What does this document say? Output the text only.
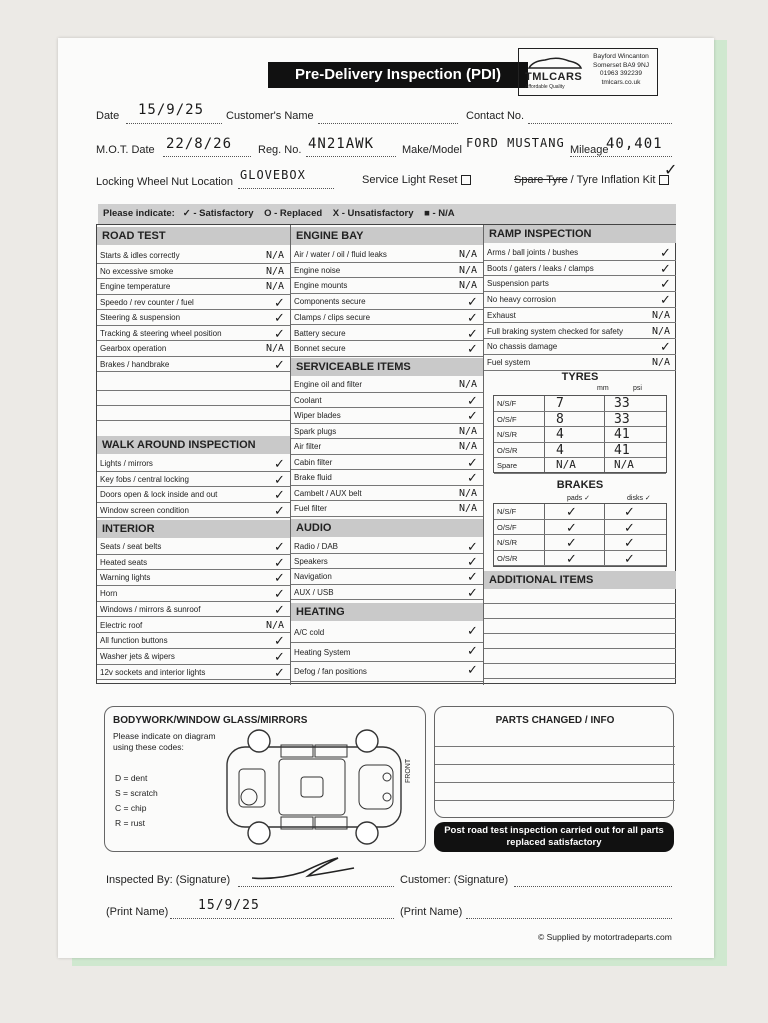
Pre-Delivery Inspection (PDI)	TMLCARS
Affordable Quality
Bayford Wincanton
Somerset BA9 9NJ
01963 392239
tmlcars.co.uk
Date 15/9/25 Customer's Name	Contact No.
M.O.T. Date 22/8/26 Reg. No. 4N21AWK	Make/Model FORD MUSTANG Mileage
40,401
Locking Wheel Nut Location GLOVEBOX	Service Light Reset	Spare Tyre / Tyre Inflation Kit
✓
Please indicate: ✓ - Satisfactory O - Replaced X - Unsatisfactory ■ - N/A
ROAD TEST
Starts & idles correctly	N/A
No excessive smoke	N/A
Engine temperature	N/A
Speedo / rev counter / fuel	✓
Steering & suspension	✓
Tracking & steering wheel position	✓
Gearbox operation	N/A
Brakes / handbrake	✓
WALK AROUND INSPECTION
Lights / mirrors	✓
Key fobs / central locking	✓
Doors open & lock inside and out	✓
Window screen condition	✓
INTERIOR
Seats / seat belts	✓
Heated seats	✓
Warning lights	✓
Horn	✓
Windows / mirrors & sunroof	✓
Electric roof	N/A
All function buttons	✓
Washer jets & wipers	✓
12v sockets and interior lights	✓
ENGINE BAY
Air / water / oil / fluid leaks	N/A
Engine noise	N/A
Engine mounts	N/A
Components secure	✓
Clamps / clips secure	✓
Battery secure	✓
Bonnet secure	✓
SERVICEABLE ITEMS
Engine oil and filter	N/A
Coolant	✓
Wiper blades	✓
Spark plugs	N/A
Air filter	N/A
Cabin filter	✓
Brake fluid	✓
Cambelt / AUX belt	N/A
Fuel filter	N/A
AUDIO
Radio / DAB	✓
Speakers	✓
Navigation	✓
AUX / USB	✓
HEATING
A/C cold	✓
Heating System	✓
Defog / fan positions	✓
RAMP INSPECTION
Arms / ball joints / bushes	✓
Boots / gaters / leaks / clamps	✓
Suspension parts	✓
No heavy corrosion	✓
Exhaust	N/A
Full braking system checked for safety	N/A
No chassis damage	✓
Fuel system	N/A
TYRES
mm	psi
N/S/F	7	33
O/S/F	8	33
N/S/R	4	41
O/S/R	4	41
Spare	N/A	N/A
BRAKES
pads ✓	disks ✓
N/S/F	✓	✓
O/S/F	✓	✓
N/S/R	✓	✓
O/S/R	✓	✓
ADDITIONAL ITEMS
BODYWORK/WINDOW GLASS/MIRRORS
Please indicate on diagram using these codes:
D = dent
S = scratch
C = chip
R = rust
FRONT
PARTS CHANGED / INFO
Post road test inspection carried out for all parts replaced satisfactory
Inspected By: (Signature)	Customer: (Signature)
(Print Name) 15/9/25	(Print Name)
© Supplied by motortradeparts.com
